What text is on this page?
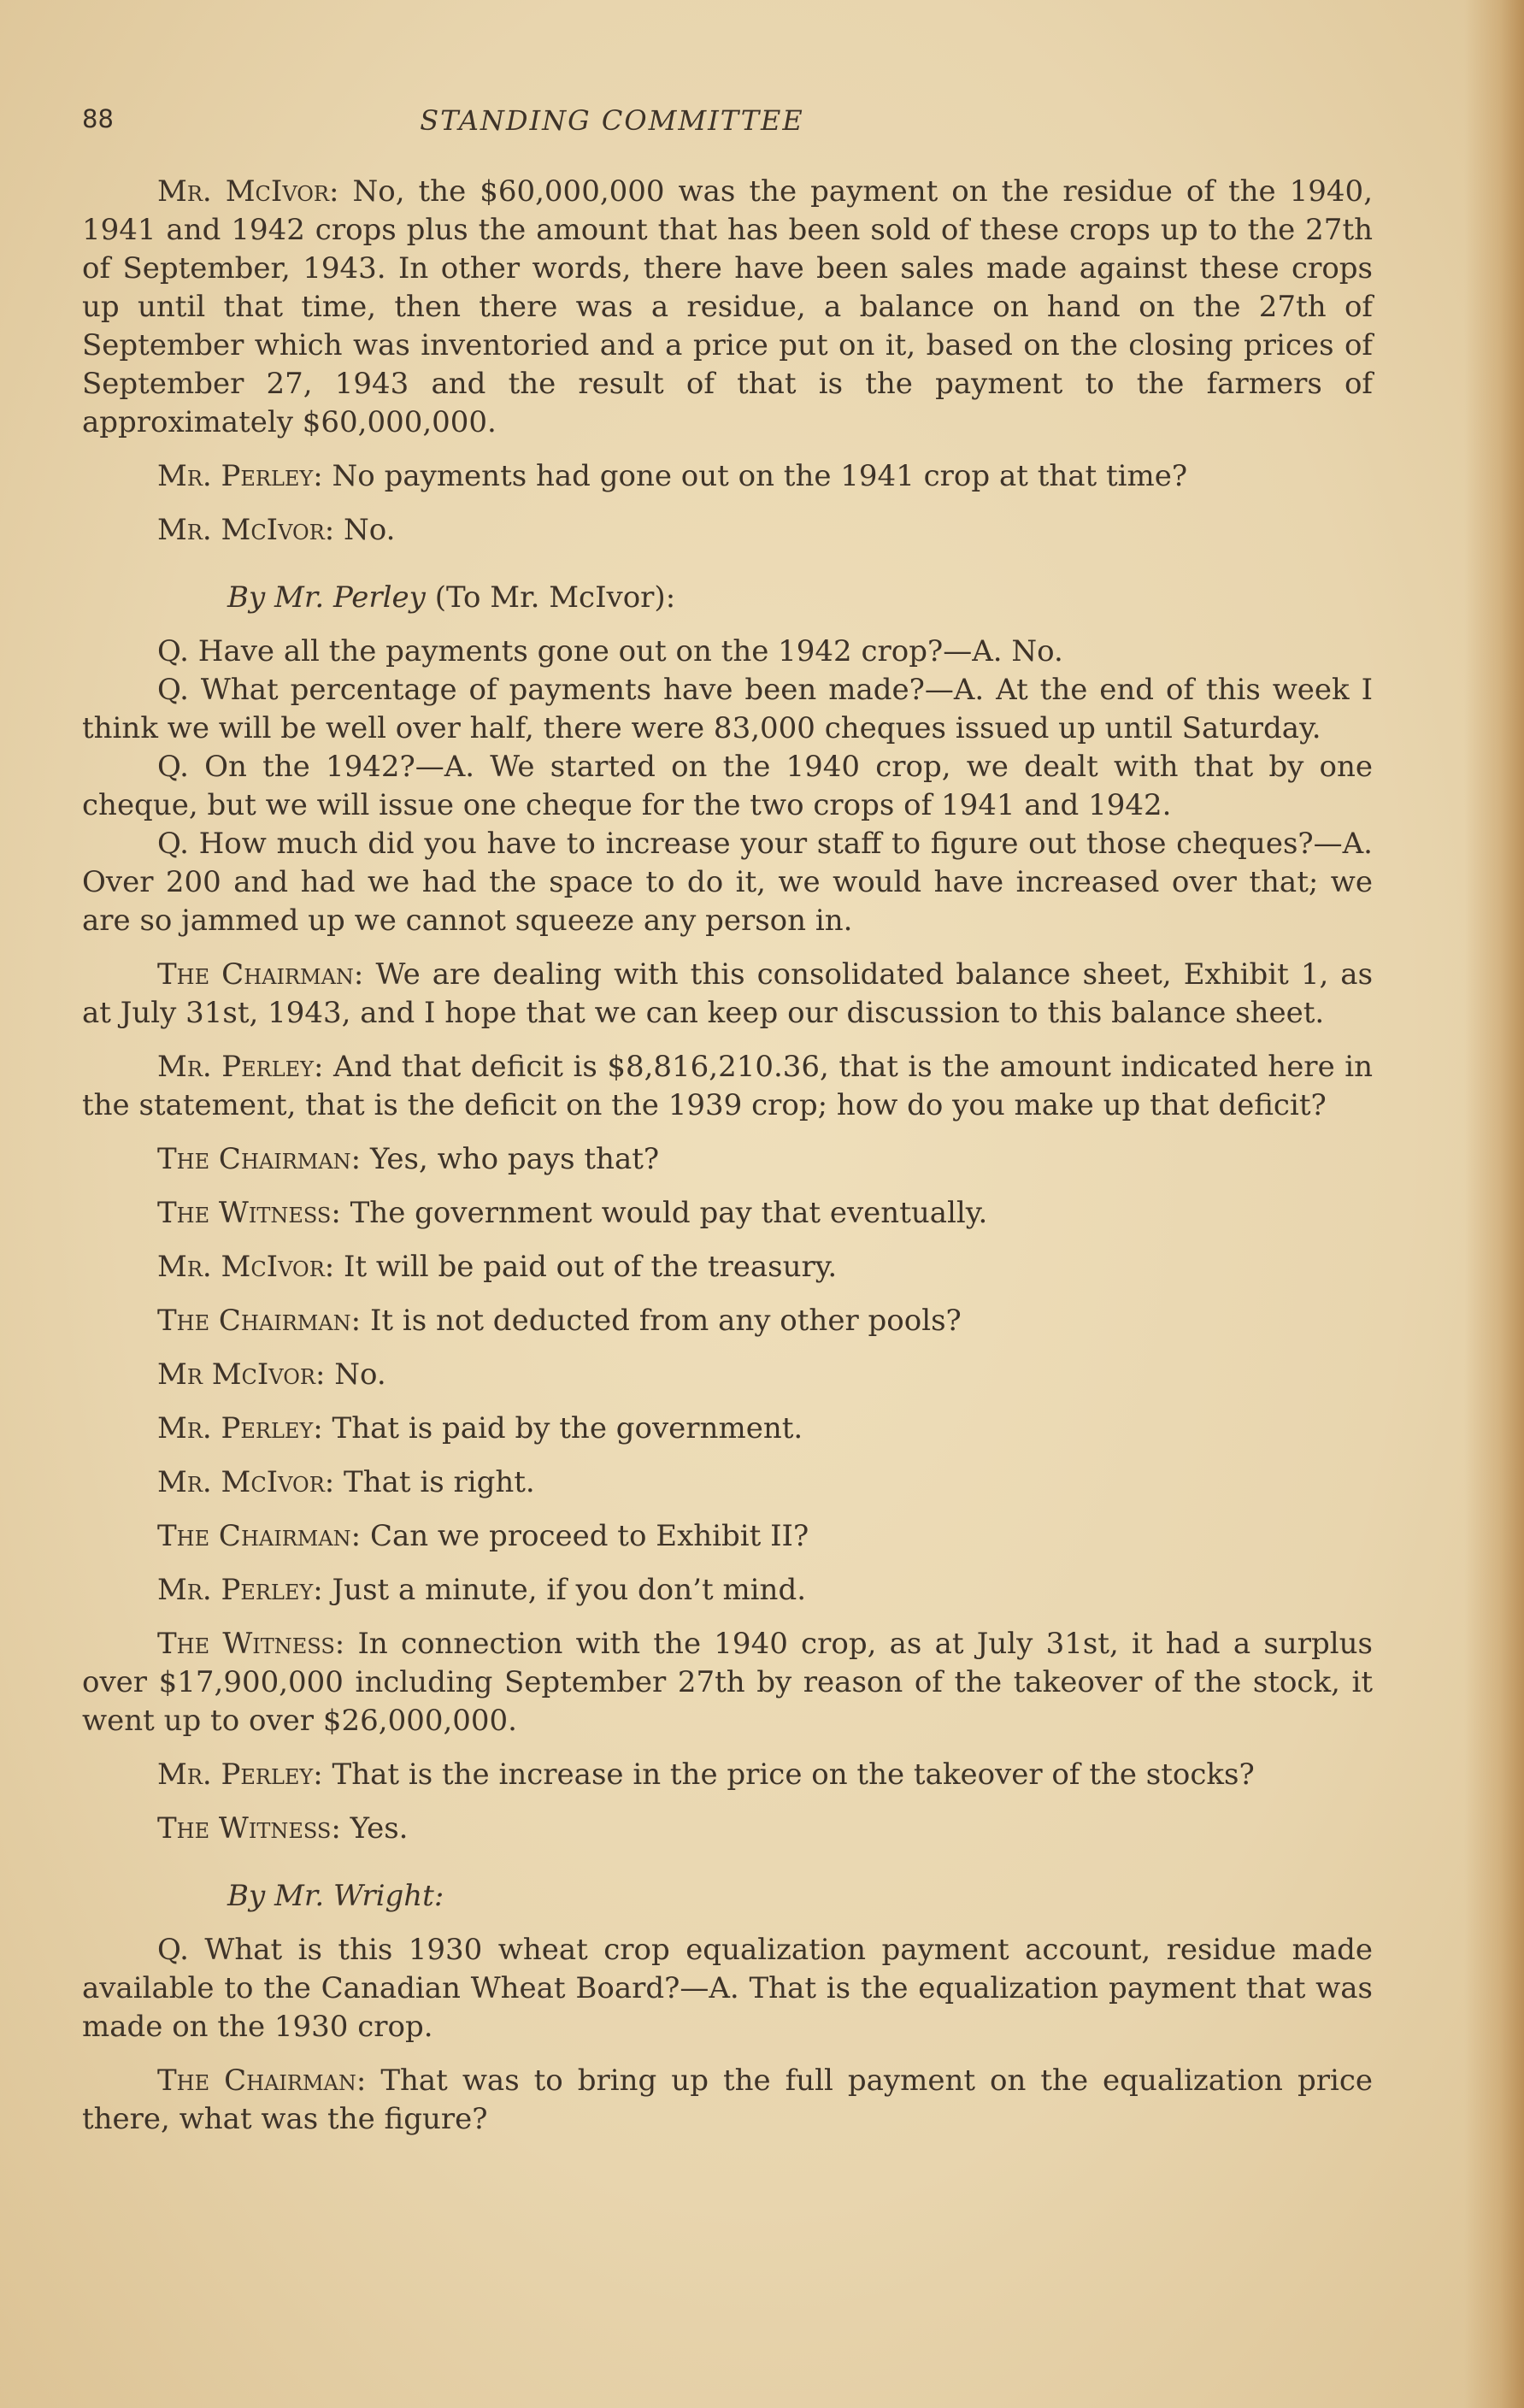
88	STANDING COMMITTEE

Mr. McIvor: No, the $60,000,000 was the payment on the residue of the 1940, 1941 and 1942 crops plus the amount that has been sold of these crops up to the 27th of September, 1943. In other words, there have been sales made against these crops up until that time, then there was a residue, a balance on hand on the 27th of September which was inventoried and a price put on it, based on the closing prices of September 27, 1943 and the result of that is the payment to the farmers of approximately $60,000,000.

Mr. Perley: No payments had gone out on the 1941 crop at that time?

Mr. McIvor: No.

By Mr. Perley (To Mr. McIvor):

Q. Have all the payments gone out on the 1942 crop?—A. No.

Q. What percentage of payments have been made?—A. At the end of this week I think we will be well over half, there were 83,000 cheques issued up until Saturday.

Q. On the 1942?—A. We started on the 1940 crop, we dealt with that by one cheque, but we will issue one cheque for the two crops of 1941 and 1942.

Q. How much did you have to increase your staff to figure out those cheques?—A. Over 200 and had we had the space to do it, we would have increased over that; we are so jammed up we cannot squeeze any person in.

The Chairman: We are dealing with this consolidated balance sheet, Exhibit 1, as at July 31st, 1943, and I hope that we can keep our discussion to this balance sheet.

Mr. Perley: And that deficit is $8,816,210.36, that is the amount indicated here in the statement, that is the deficit on the 1939 crop; how do you make up that deficit?

The Chairman: Yes, who pays that?

The Witness: The government would pay that eventually.

Mr. McIvor: It will be paid out of the treasury.

The Chairman: It is not deducted from any other pools?

Mr McIvor: No.

Mr. Perley: That is paid by the government.

Mr. McIvor: That is right.

The Chairman: Can we proceed to Exhibit II?

Mr. Perley: Just a minute, if you don’t mind.

The Witness: In connection with the 1940 crop, as at July 31st, it had a surplus over $17,900,000 including September 27th by reason of the takeover of the stock, it went up to over $26,000,000.

Mr. Perley: That is the increase in the price on the takeover of the stocks?

The Witness: Yes.

By Mr. Wright:

Q. What is this 1930 wheat crop equalization payment account, residue made available to the Canadian Wheat Board?—A. That is the equalization payment that was made on the 1930 crop.

The Chairman: That was to bring up the full payment on the equalization price there, what was the figure?
